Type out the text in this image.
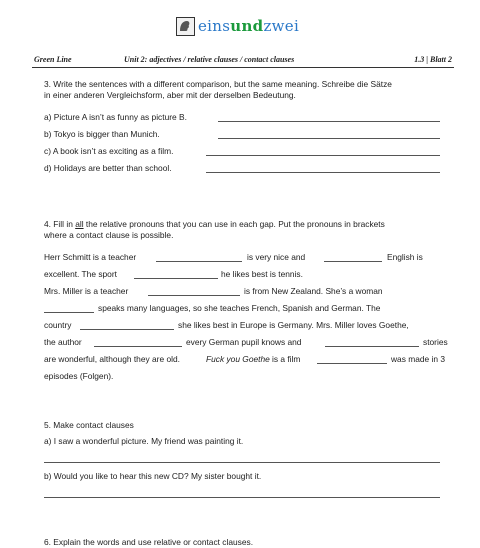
einsundzwei
Green Line	Unit 2: adjectives / relative clauses / contact clauses	1.3 | Blatt 2
3. Write the sentences with a different comparison, but the same meaning. Schreibe die Sätze
in einer anderen Vergleichsform, aber mit der derselben Bedeutung.
a) Picture A isn’t as funny as picture B.
b) Tokyo is bigger than Munich.
c) A book isn’t as exciting as a film.
d) Holidays are better than school.
4. Fill in all the relative pronouns that you can use in each gap. Put the pronouns in brackets
where a contact clause is possible.
Herr Schmitt is a teacher	is very nice and	English is
excellent. The sport	he likes best is tennis.
Mrs. Miller is a teacher	is from New Zealand. She’s a woman
speaks many languages, so she teaches French, Spanish and German. The
country	she likes best in Europe is Germany. Mrs. Miller loves Goethe,
the author	every German pupil knows and	stories
are wonderful, although they are old.	Fuck you Goethe is a film	was made in 3
episodes (Folgen).
5. Make contact clauses
a) I saw a wonderful picture. My friend was painting it.
b) Would you like to hear this new CD? My sister bought it.
6. Explain the words and use relative or contact clauses.
